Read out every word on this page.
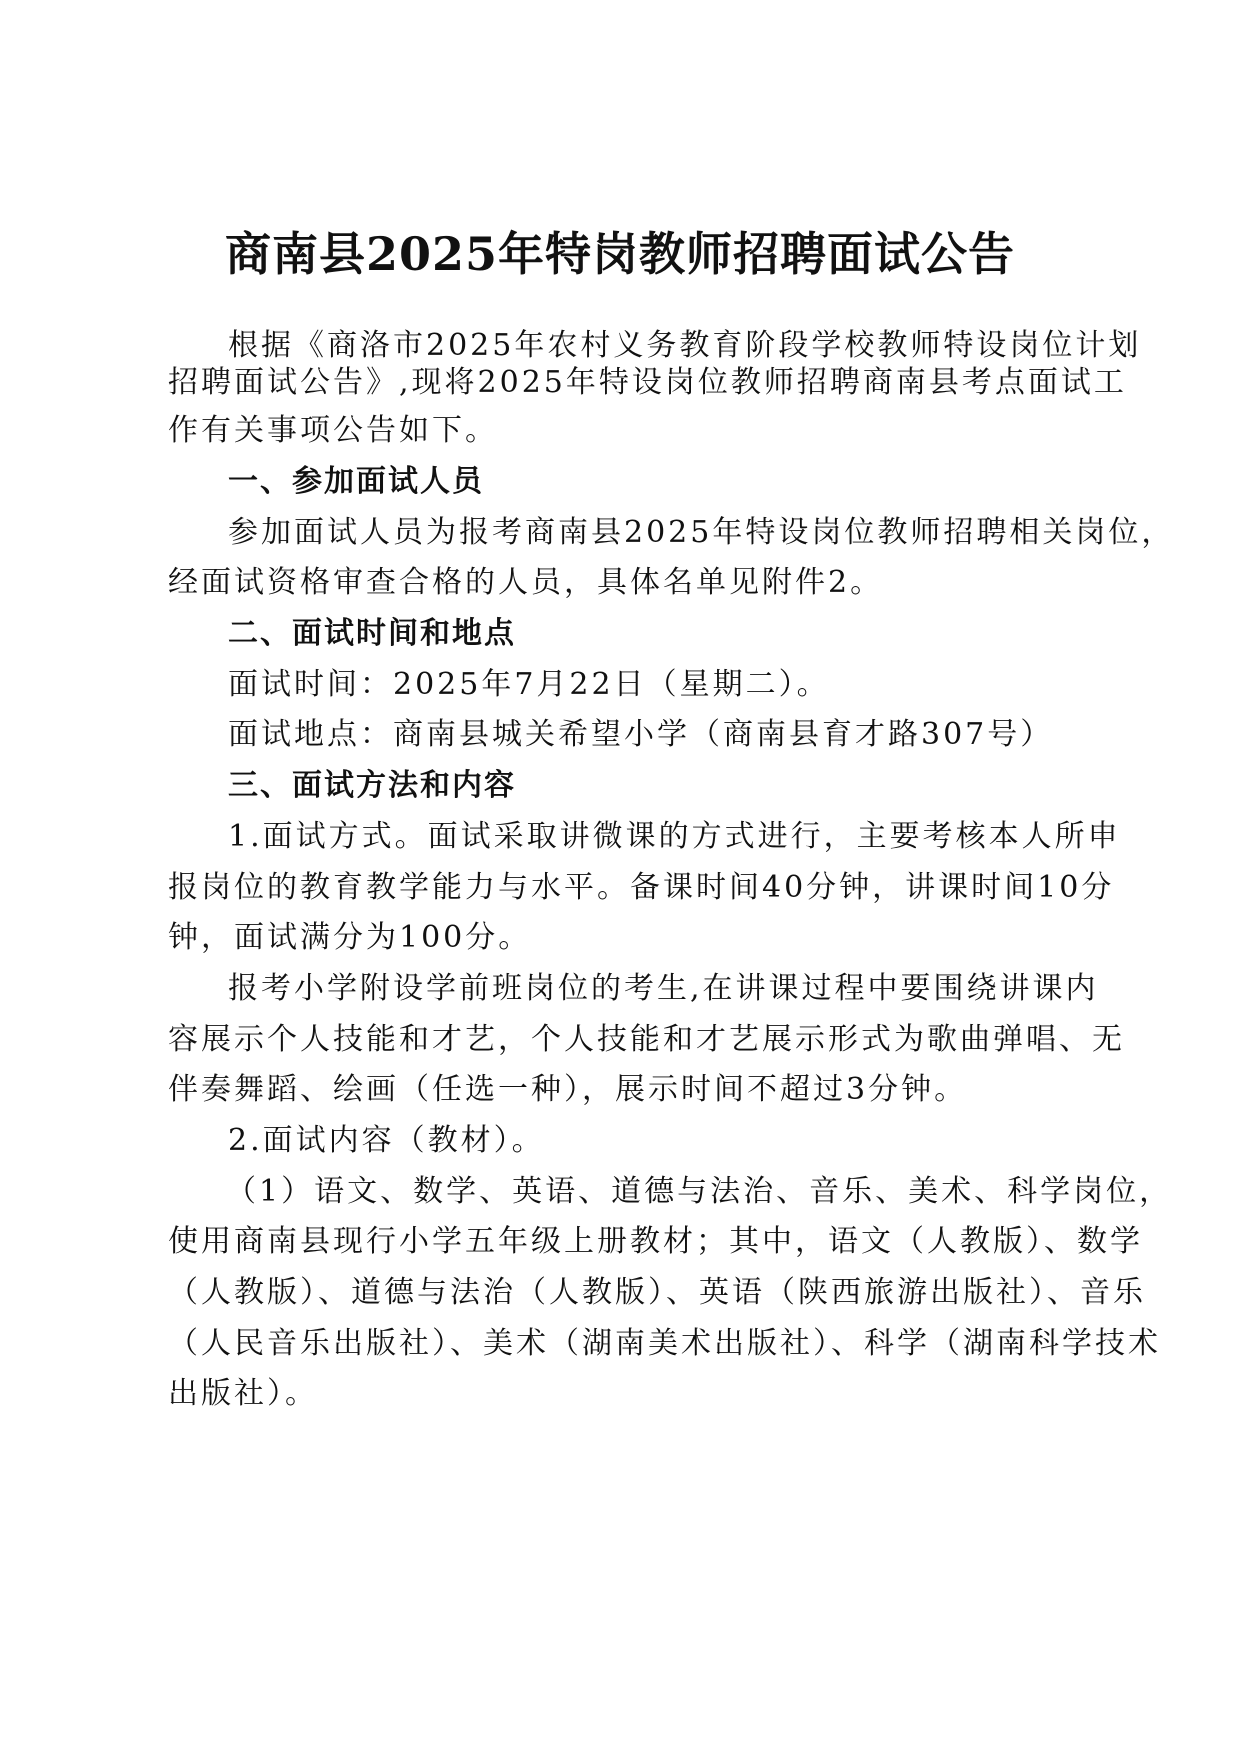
商南县2025年特岗教师招聘面试公告
根据《商洛市2025年农村义务教育阶段学校教师特设岗位计划
招聘面试公告》,现将2025年特设岗位教师招聘商南县考点面试工
作有关事项公告如下。
一、参加面试人员
参加面试人员为报考商南县2025年特设岗位教师招聘相关岗位，
经面试资格审查合格的人员，具体名单见附件2。
二、面试时间和地点
面试时间：2025年7月22日（星期二）。
面试地点：商南县城关希望小学（商南县育才路307号）
三、面试方法和内容
1.面试方式。面试采取讲微课的方式进行，主要考核本人所申
报岗位的教育教学能力与水平。备课时间40分钟，讲课时间10分
钟，面试满分为100分。
报考小学附设学前班岗位的考生,在讲课过程中要围绕讲课内
容展示个人技能和才艺，个人技能和才艺展示形式为歌曲弹唱、无
伴奏舞蹈、绘画（任选一种），展示时间不超过3分钟。
2.面试内容（教材）。
（1）语文、数学、英语、道德与法治、音乐、美术、科学岗位，
使用商南县现行小学五年级上册教材；其中，语文（人教版）、数学
（人教版）、道德与法治（人教版）、英语（陕西旅游出版社）、音乐
（人民音乐出版社）、美术（湖南美术出版社）、科学（湖南科学技术
出版社）。
